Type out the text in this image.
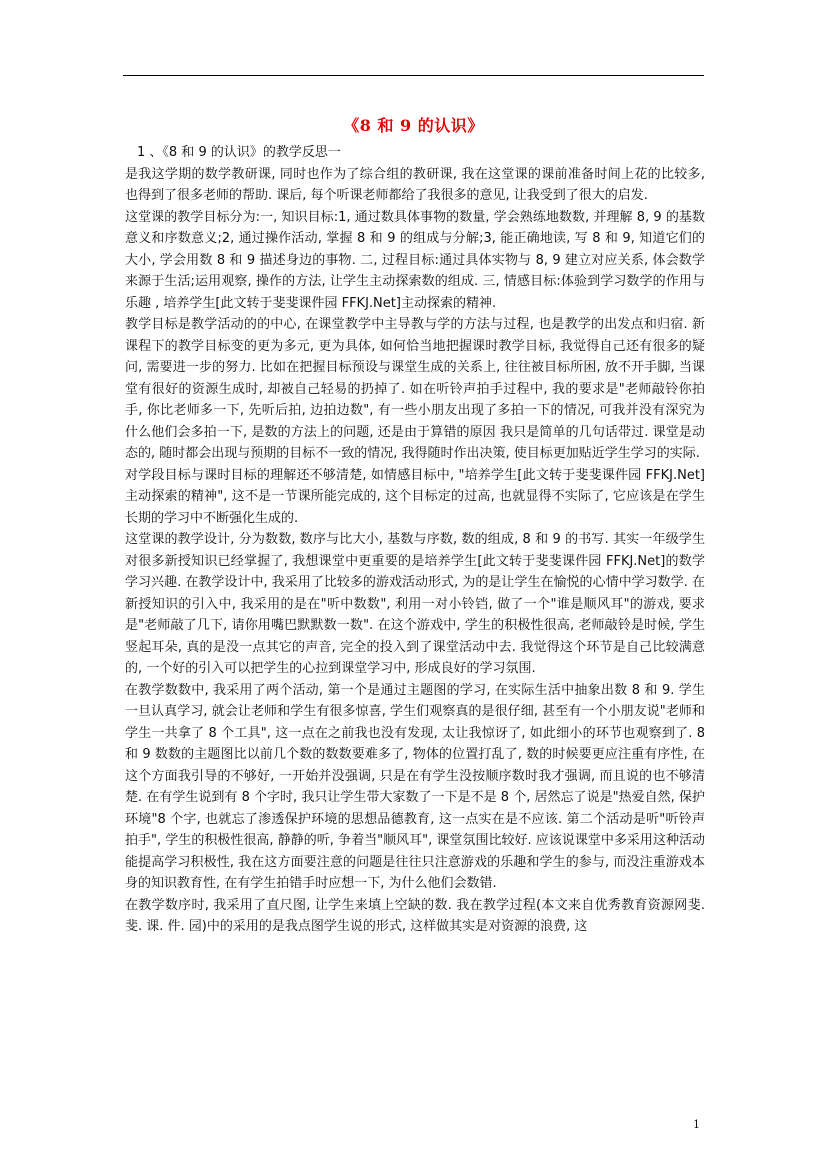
《8 和 9 的认识》

1 、《8 和 9 的认识》的教学反思一

是我这学期的数学教研课, 同时也作为了综合组的教研课, 我在这堂课的课前准备时间上花的比较多, 也得到了很多老师的帮助. 课后, 每个听课老师都给了我很多的意见, 让我受到了很大的启发.

这堂课的教学目标分为:一, 知识目标:1, 通过数具体事物的数量, 学会熟练地数数, 并理解 8, 9 的基数意义和序数意义;2, 通过操作活动, 掌握 8 和 9 的组成与分解;3, 能正确地读, 写 8 和 9, 知道它们的大小, 学会用数 8 和 9 描述身边的事物. 二, 过程目标:通过具体实物与 8, 9 建立对应关系, 体会数学来源于生活;运用观察, 操作的方法, 让学生主动探索数的组成. 三, 情感目标:体验到学习数学的作用与乐趣 , 培养学生[此文转于斐斐课件园 FFKJ.Net]主动探索的精神.

教学目标是教学活动的的中心, 在课堂教学中主导教与学的方法与过程, 也是教学的出发点和归宿. 新课程下的教学目标变的更为多元, 更为具体, 如何恰当地把握课时教学目标, 我觉得自己还有很多的疑问, 需要进一步的努力. 比如在把握目标预设与课堂生成的关系上, 往往被目标所困, 放不开手脚, 当课堂有很好的资源生成时, 却被自己轻易的扔掉了. 如在听铃声拍手过程中, 我的要求是"老师敲铃你拍手, 你比老师多一下, 先听后拍, 边拍边数", 有一些小朋友出现了多拍一下的情况, 可我并没有深究为什么他们会多拍一下, 是数的方法上的问题, 还是由于算错的原因 我只是简单的几句话带过. 课堂是动态的, 随时都会出现与预期的目标不一致的情况, 我得随时作出决策, 使目标更加贴近学生学习的实际.

对学段目标与课时目标的理解还不够清楚, 如情感目标中, "培养学生[此文转于斐斐课件园 FFKJ.Net]主动探索的精神", 这不是一节课所能完成的, 这个目标定的过高, 也就显得不实际了, 它应该是在学生长期的学习中不断强化生成的.

这堂课的教学设计, 分为数数, 数序与比大小, 基数与序数, 数的组成, 8 和 9 的书写. 其实一年级学生对很多新授知识已经掌握了, 我想课堂中更重要的是培养学生[此文转于斐斐课件园 FFKJ.Net]的数学学习兴趣. 在教学设计中, 我采用了比较多的游戏活动形式, 为的是让学生在愉悦的心情中学习数学. 在新授知识的引入中, 我采用的是在"听中数数", 利用一对小铃铛, 做了一个"谁是顺风耳"的游戏, 要求是"老师敲了几下, 请你用嘴巴默默数一数". 在这个游戏中, 学生的积极性很高, 老师敲铃是时候, 学生竖起耳朵, 真的是没一点其它的声音, 完全的投入到了课堂活动中去. 我觉得这个环节是自己比较满意的, 一个好的引入可以把学生的心拉到课堂学习中, 形成良好的学习氛围.

在教学数数中, 我采用了两个活动, 第一个是通过主题图的学习, 在实际生活中抽象出数 8 和 9. 学生一旦认真学习, 就会让老师和学生有很多惊喜, 学生们观察真的是很仔细, 甚至有一个小朋友说"老师和学生一共拿了 8 个工具", 这一点在之前我也没有发现, 太让我惊讶了, 如此细小的环节也观察到了. 8 和 9 数数的主题图比以前几个数的数数要难多了, 物体的位置打乱了, 数的时候要更应注重有序性, 在这个方面我引导的不够好, 一开始并没强调, 只是在有学生没按顺序数时我才强调, 而且说的也不够清楚. 在有学生说到有 8 个字时, 我只让学生带大家数了一下是不是 8 个, 居然忘了说是"热爱自然, 保护环境"8 个字, 也就忘了渗透保护环境的思想品德教育, 这一点实在是不应该. 第二个活动是听"听铃声拍手", 学生的积极性很高, 静静的听, 争着当"顺风耳", 课堂氛围比较好. 应该说课堂中多采用这种活动能提高学习积极性, 我在这方面要注意的问题是往往只注意游戏的乐趣和学生的参与, 而没注重游戏本身的知识教育性, 在有学生拍错手时应想一下, 为什么他们会数错.

在教学数序时, 我采用了直尺图, 让学生来填上空缺的数. 我在教学过程(本文来自优秀教育资源网斐. 斐. 课. 件. 园)中的采用的是我点图学生说的形式, 这样做其实是对资源的浪费, 这

1
